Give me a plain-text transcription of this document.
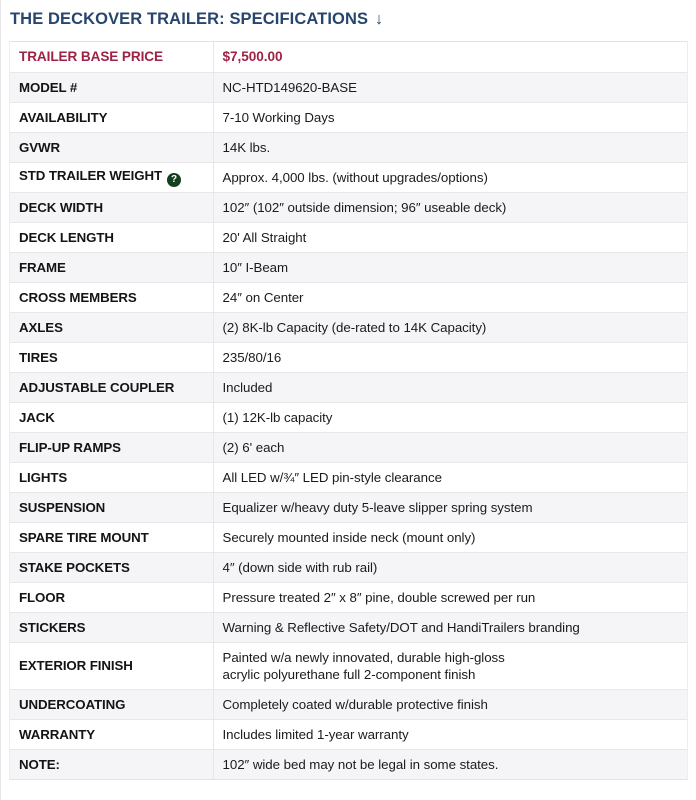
THE DECKOVER TRAILER: SPECIFICATIONS ↓
TRAILER BASE PRICE	$7,500.00

MODEL #	NC-HTD149620-BASE

AVAILABILITY	7-10 Working Days

GVWR	14K lbs.

STD TRAILER WEIGHT ?	Approx. 4,000 lbs. (without upgrades/options)

DECK WIDTH	102″ (102″ outside dimension; 96″ useable deck)

DECK LENGTH	20' All Straight

FRAME	10″ I-Beam

CROSS MEMBERS	24″ on Center

AXLES	(2) 8K-lb Capacity (de-rated to 14K Capacity)

TIRES	235/80/16

ADJUSTABLE COUPLER	Included

JACK	(1) 12K-lb capacity

FLIP-UP RAMPS	(2) 6' each

LIGHTS	All LED w/¾″ LED pin-style clearance

SUSPENSION	Equalizer w/heavy duty 5-leave slipper spring system

SPARE TIRE MOUNT	Securely mounted inside neck (mount only)

STAKE POCKETS	4″ (down side with rub rail)

FLOOR	Pressure treated 2″ x 8″ pine, double screwed per run

STICKERS	Warning & Reflective Safety/DOT and HandiTrailers branding

EXTERIOR FINISH	Painted w/a newly innovated, durable high-gloss
acrylic polyurethane full 2-component finish

UNDERCOATING	Completely coated w/durable protective finish

WARRANTY	Includes limited 1-year warranty

NOTE:	102″ wide bed may not be legal in some states.
